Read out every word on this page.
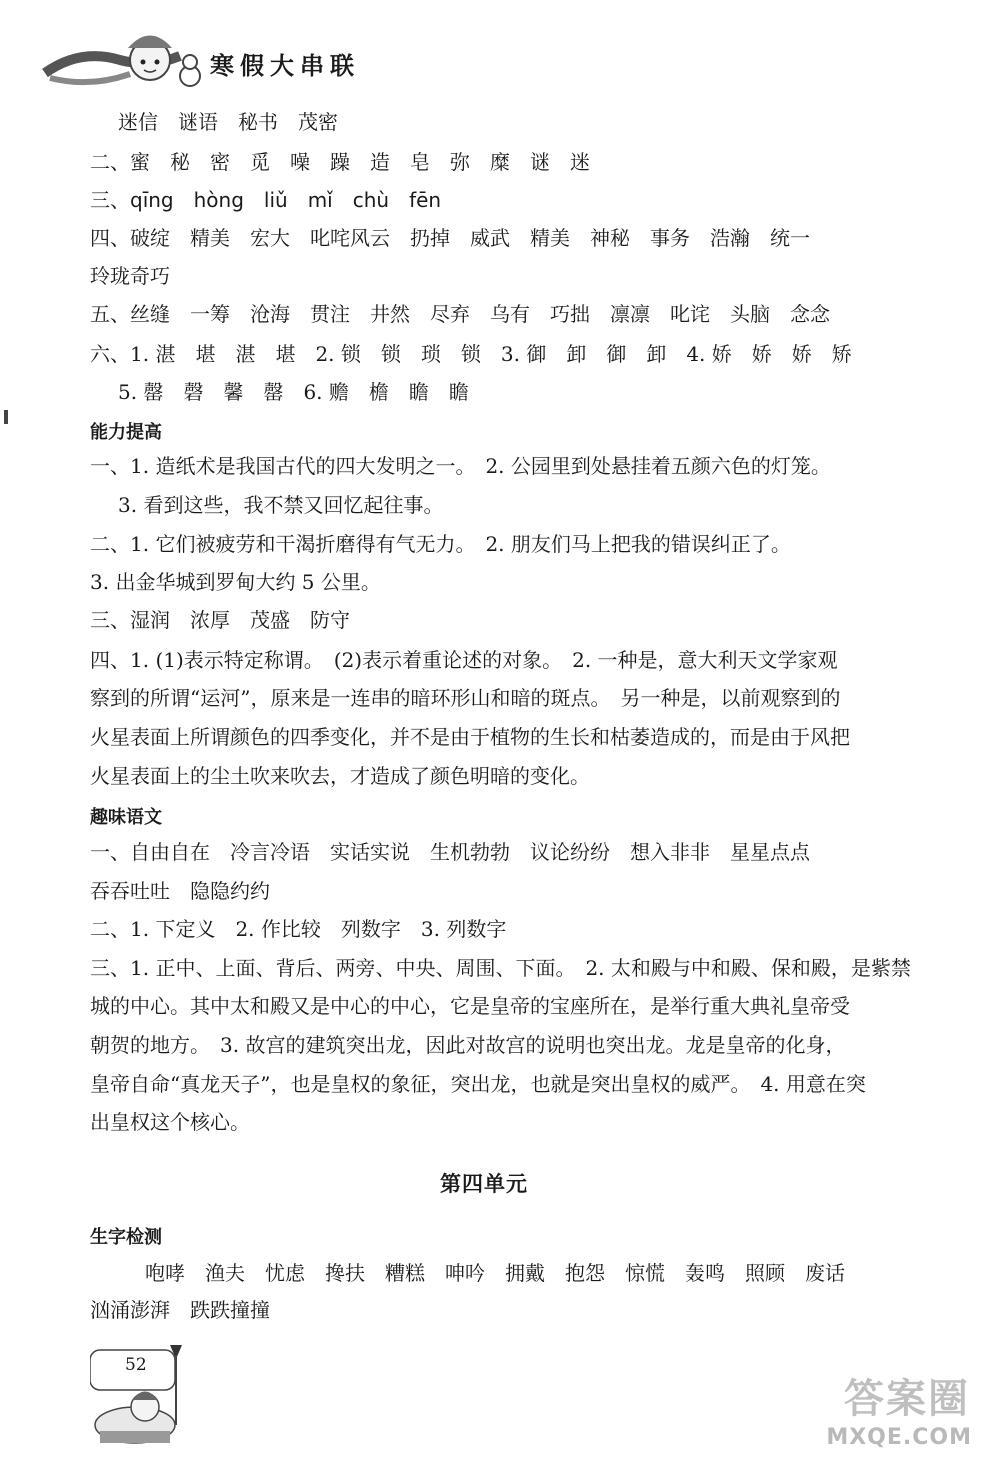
寒假大串联
迷信　谜语　秘书　茂密
二、蜜　秘　密　觅　噪　躁　造　皂　弥　糜　谜　迷
三、qīng　hòng　liǔ　mǐ　chù　fēn
四、破绽　精美　宏大　叱咤风云　扔掉　威武　精美　神秘　事务　浩瀚　统一
玲珑奇巧
五、丝缝　一筹　沧海　贯注　井然　尽弃　乌有　巧拙　凛凛　叱诧　头脑　念念
六、1. 湛　堪　湛　堪　2. 锁　锁　琐　锁　3. 御　卸　御　卸　4. 娇　娇　娇　矫
5. 罄　磬　馨　罄　6. 赡　檐　瞻　瞻
能力提高
一、1. 造纸术是我国古代的四大发明之一。　2. 公园里到处悬挂着五颜六色的灯笼。
3. 看到这些，我不禁又回忆起往事。
二、1. 它们被疲劳和干渴折磨得有气无力。　2. 朋友们马上把我的错误纠正了。
3. 出金华城到罗甸大约 5 公里。
三、湿润　浓厚　茂盛　防守
四、1. (1)表示特定称谓。　(2)表示着重论述的对象。　2. 一种是，意大利天文学家观
察到的所谓“运河”，原来是一连串的暗环形山和暗的斑点。　另一种是，以前观察到的
火星表面上所谓颜色的四季变化，并不是由于植物的生长和枯萎造成的，而是由于风把
火星表面上的尘土吹来吹去，才造成了颜色明暗的变化。
趣味语文
一、自由自在　冷言冷语　实话实说　生机勃勃　议论纷纷　想入非非　星星点点
吞吞吐吐　隐隐约约
二、1. 下定义　2. 作比较　列数字　3. 列数字
三、1. 正中、上面、背后、两旁、中央、周围、下面。　2. 太和殿与中和殿、保和殿，是紫禁
城的中心。其中太和殿又是中心的中心，它是皇帝的宝座所在，是举行重大典礼皇帝受
朝贺的地方。　3. 故宫的建筑突出龙，因此对故宫的说明也突出龙。龙是皇帝的化身，
皇帝自命“真龙天子”，也是皇权的象征，突出龙，也就是突出皇权的威严。　4. 用意在突
出皇权这个核心。
第四单元
生字检测
咆哮　渔夫　忧虑　搀扶　糟糕　呻吟　拥戴　抱怨　惊慌　轰鸣　照顾　废话
汹涌澎湃　跌跌撞撞
52
答案圈
MXQE.COM
